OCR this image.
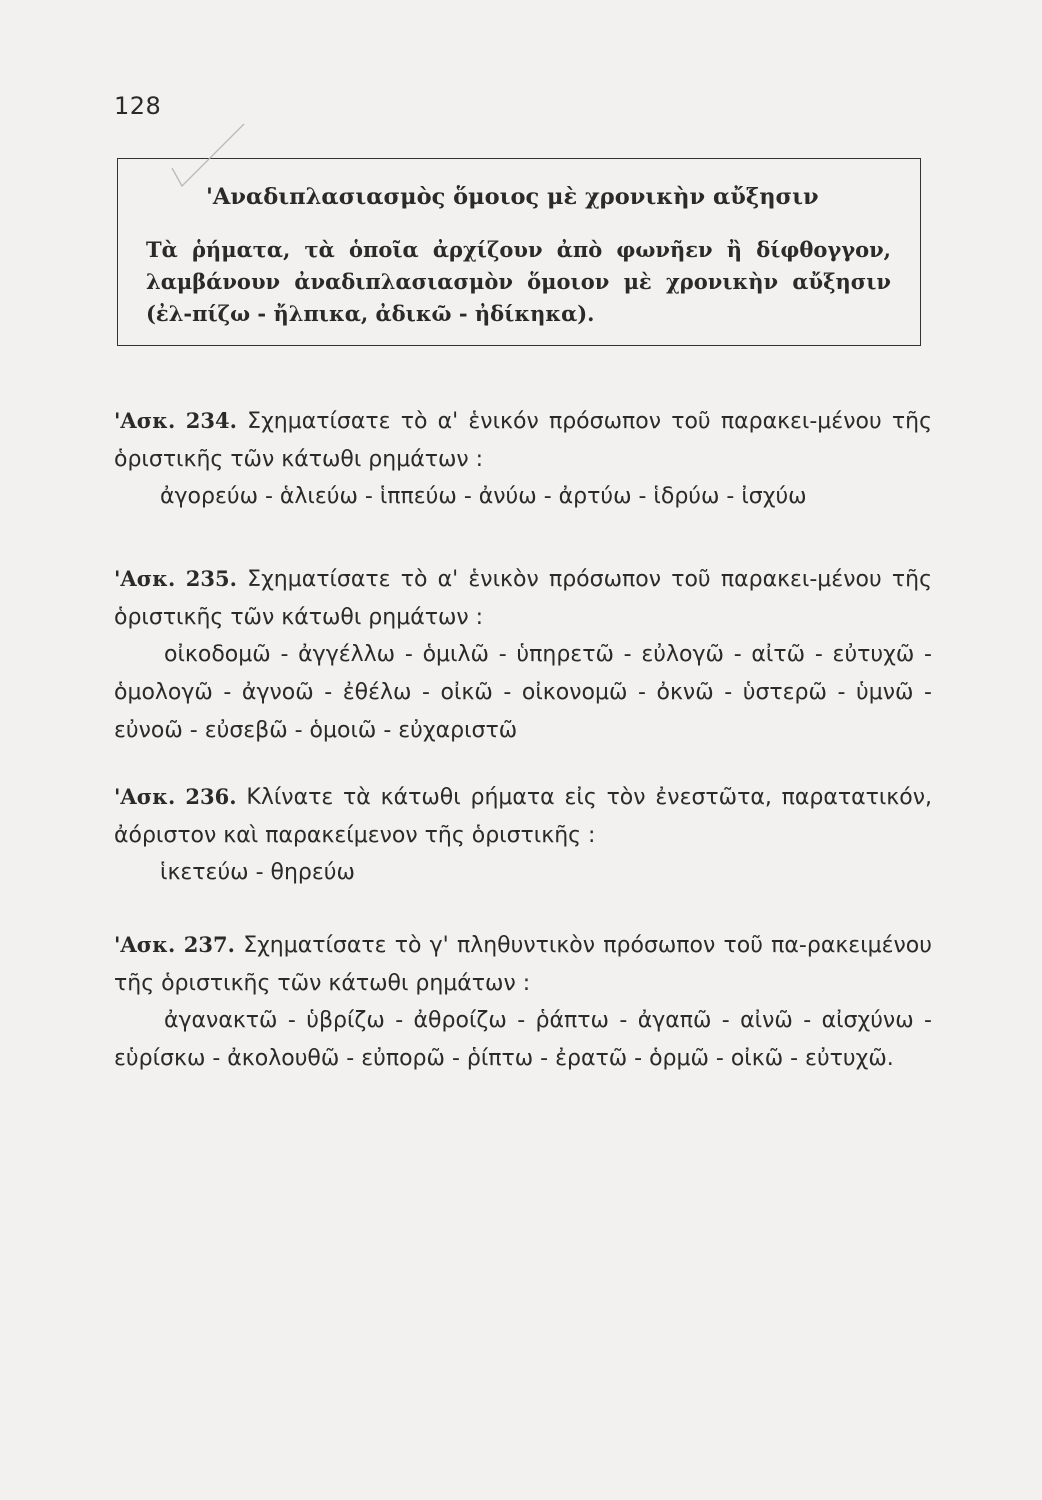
128
'Αναδιπλασιασμὸς ὅμοιος μὲ χρονικὴν αὔξησιν
Τὰ ῥήματα, τὰ ὁποῖα ἀρχίζουν ἀπὸ φωνῆεν ἢ δίφθογγον, λαμβάνουν ἀναδιπλασιασμὸν ὅμοιον μὲ χρονικὴν αὔξησιν (ἐλ-πίζω - ἤλπικα, ἀδικῶ - ἠδίκηκα).
'Ασκ. 234. Σχηματίσατε τὸ α' ἑνικόν πρόσωπον τοῦ παρακει-μένου τῆς ὁριστικῆς τῶν κάτωθι ρημάτων :
ἀγορεύω - ἁλιεύω - ἱππεύω - ἀνύω - ἀρτύω - ἱδρύω - ἰσχύω
'Ασκ. 235. Σχηματίσατε τὸ α' ἑνικὸν πρόσωπον τοῦ παρακει-μένου τῆς ὁριστικῆς τῶν κάτωθι ρημάτων :
οἰκοδομῶ - ἀγγέλλω - ὁμιλῶ - ὑπηρετῶ - εὐλογῶ - αἰτῶ - εὐτυχῶ - ὁμολογῶ - ἀγνοῶ - ἐθέλω - οἰκῶ - οἰκονομῶ - ὀκνῶ - ὑστερῶ - ὑμνῶ - εὐνοῶ - εὐσεβῶ - ὁμοιῶ - εὐχαριστῶ
'Ασκ. 236. Κλίνατε τὰ κάτωθι ρήματα εἰς τὸν ἐνεστῶτα, παρατατικόν, ἀόριστον καὶ παρακείμενον τῆς ὁριστικῆς :
ἱκετεύω - θηρεύω
'Ασκ. 237. Σχηματίσατε τὸ γ' πληθυντικὸν πρόσωπον τοῦ πα-ρακειμένου τῆς ὁριστικῆς τῶν κάτωθι ρημάτων :
ἀγανακτῶ - ὑβρίζω - ἀθροίζω - ῥάπτω - ἀγαπῶ - αἰνῶ - αἰσχύνω - εὑρίσκω - ἀκολουθῶ - εὐπορῶ - ῥίπτω - ἐρατῶ - ὁρμῶ - οἰκῶ - εὐτυχῶ.
